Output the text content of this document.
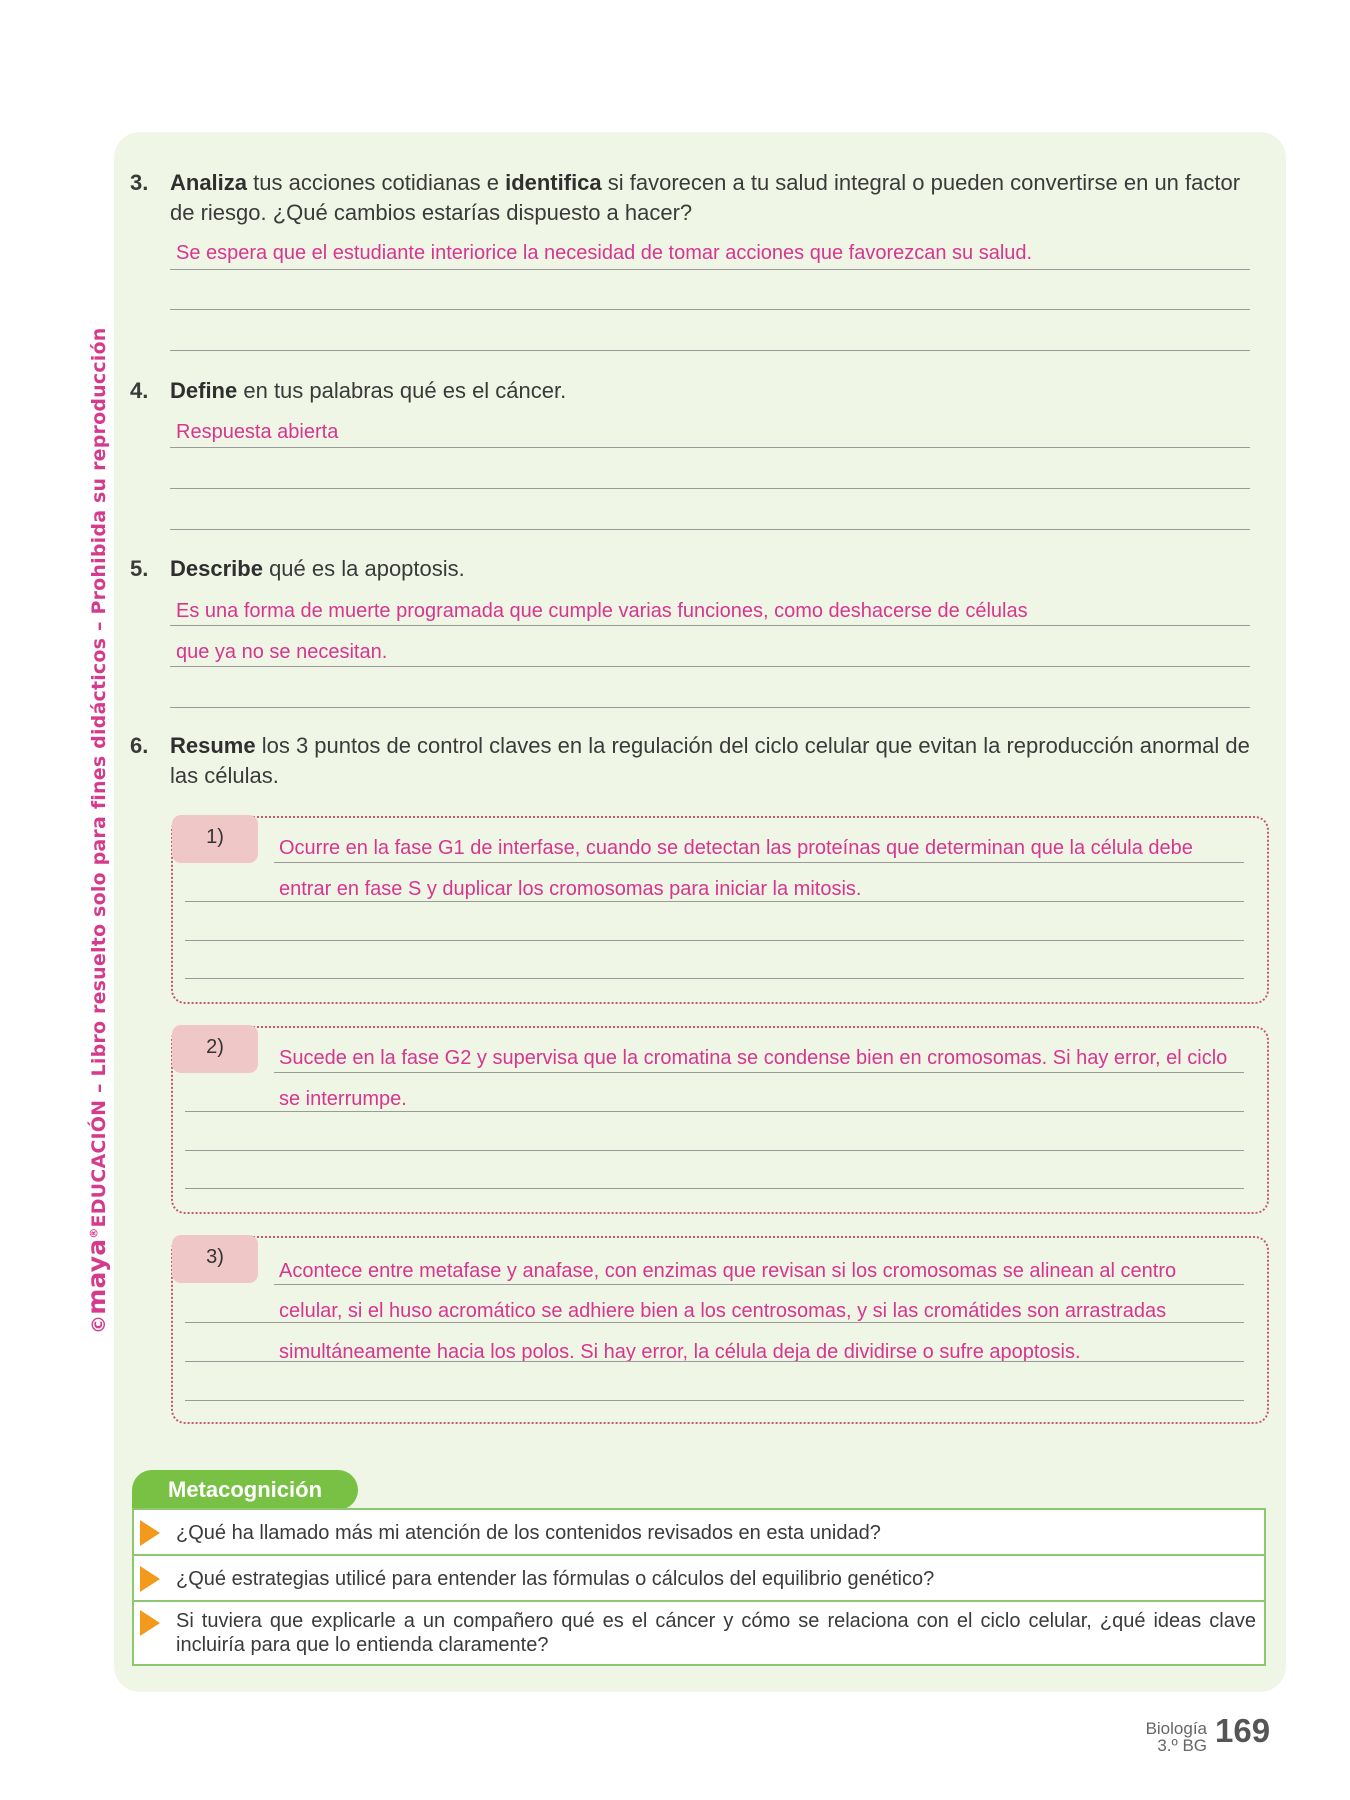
©maya®EDUCACIÓN – Libro resuelto solo para fines didácticos – Prohibida su reproducción
3. Analiza tus acciones cotidianas e identifica si favorecen a tu salud integral o pueden convertirse en un factor de riesgo. ¿Qué cambios estarías dispuesto a hacer?
Se espera que el estudiante interiorice la necesidad de tomar acciones que favorezcan su salud.
4. Define en tus palabras qué es el cáncer.
Respuesta abierta
5. Describe qué es la apoptosis.
Es una forma de muerte programada que cumple varias funciones, como deshacerse de células
que ya no se necesitan.
6. Resume los 3 puntos de control claves en la regulación del ciclo celular que evitan la reproducción anormal de las células.
1)	Ocurre en la fase G1 de interfase, cuando se detectan las proteínas que determinan que la célula debe
entrar en fase S y duplicar los cromosomas para iniciar la mitosis.
2)	Sucede en la fase G2 y supervisa que la cromatina se condense bien en cromosomas. Si hay error, el ciclo
se interrumpe.
3)
Acontece entre metafase y anafase, con enzimas que revisan si los cromosomas se alinean al centro
celular, si el huso acromático se adhiere bien a los centrosomas, y si las cromátides son arrastradas
simultáneamente hacia los polos. Si hay error, la célula deja de dividirse o sufre apoptosis.
Metacognición
¿Qué ha llamado más mi atención de los contenidos revisados en esta unidad?
¿Qué estrategias utilicé para entender las fórmulas o cálculos del equilibrio genético?
Si tuviera que explicarle a un compañero qué es el cáncer y cómo se relaciona con el ciclo celular, ¿qué ideas clave incluiría para que lo entienda claramente?
Biología
3.º BG 169
